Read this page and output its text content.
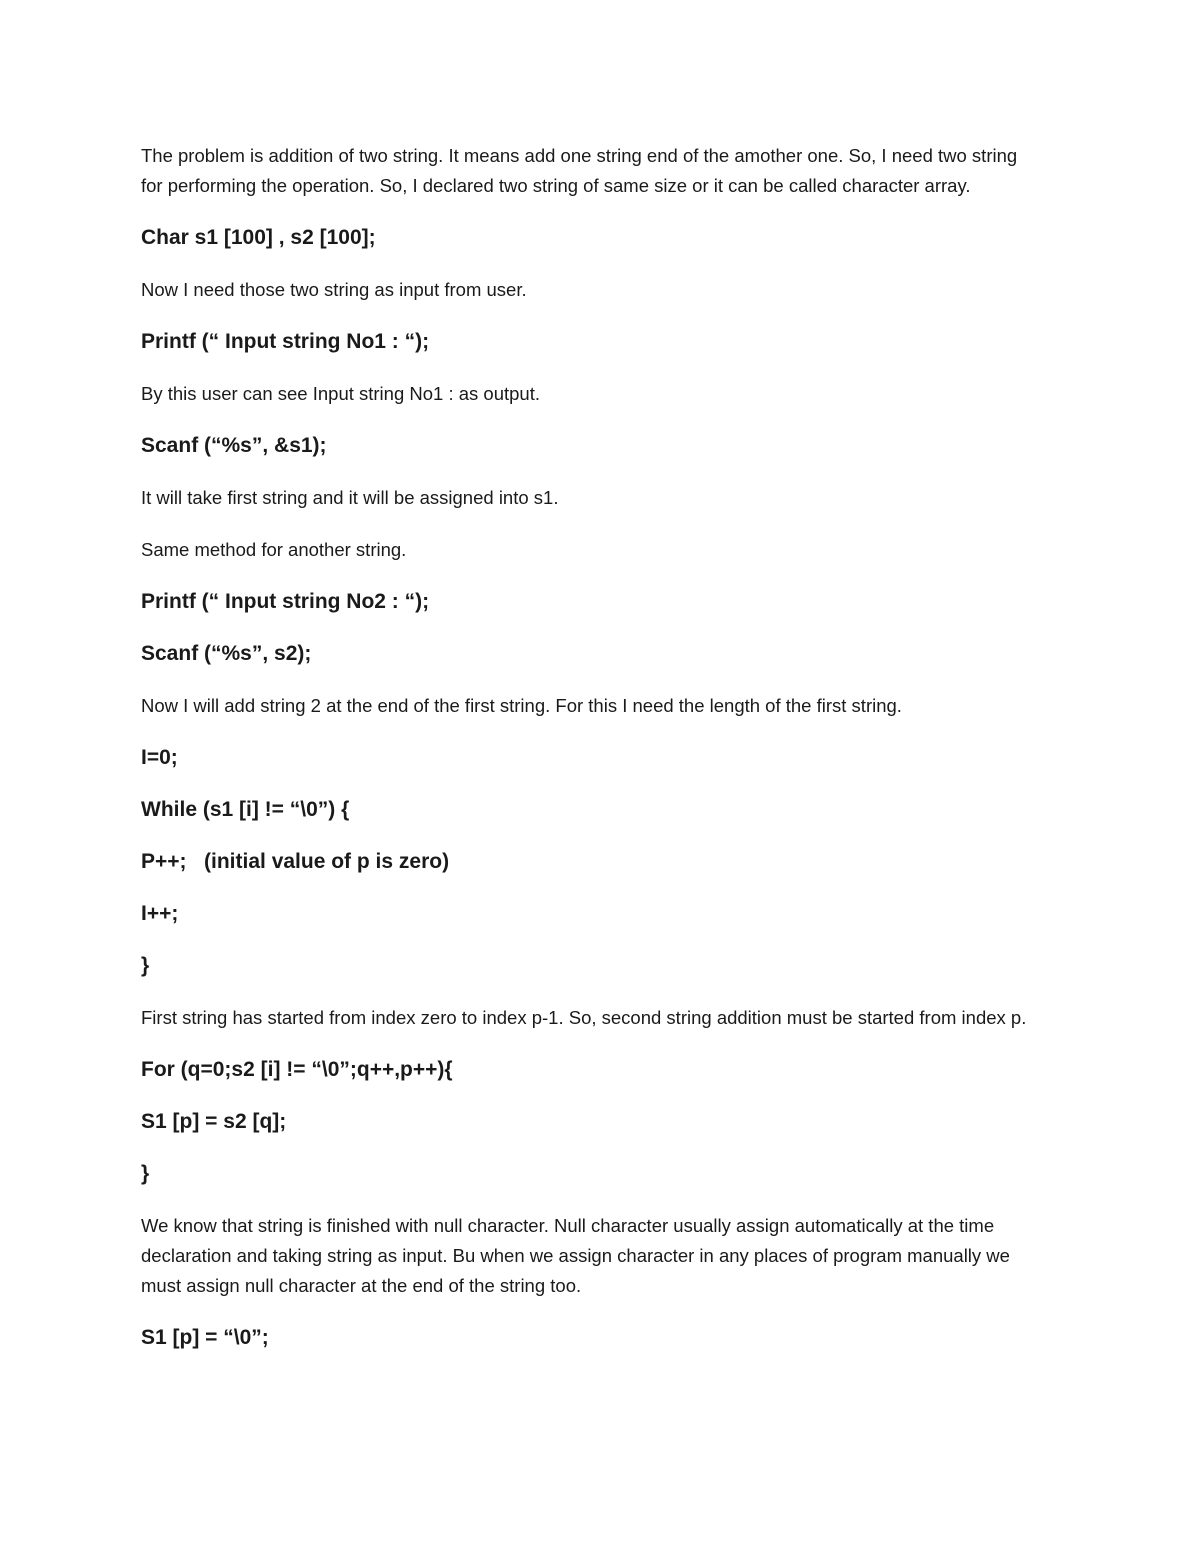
The problem is addition of two string. It means add one string end of the amother one. So, I need two string for performing the operation. So, I declared two string of same size or it can be called character array.

Char s1 [100] , s2 [100];

Now I need those two string as input from user.

Printf (“ Input string No1 : “);

By this user can see Input string No1 : as output.

Scanf (“%s”, &s1);

It will take first string and it will be assigned into s1.

Same method for another string.

Printf (“ Input string No2 : “);

Scanf (“%s”, s2);

Now I will add string 2 at the end of the first string. For this I need the length of the first string.

I=0;

While (s1 [i] != “\0”) {

P++;   (initial value of p is zero)

I++;

}

First string has started from index zero to index p-1. So, second string addition must be started from index p.

For (q=0;s2 [i] != “\0”;q++,p++){

S1 [p] = s2 [q];

}

We know that string is finished with null character. Null character usually assign automatically at the time declaration and taking string as input. Bu when we assign character in any places of program manually we must assign null character at the end of the string too.

S1 [p] = “\0”;
